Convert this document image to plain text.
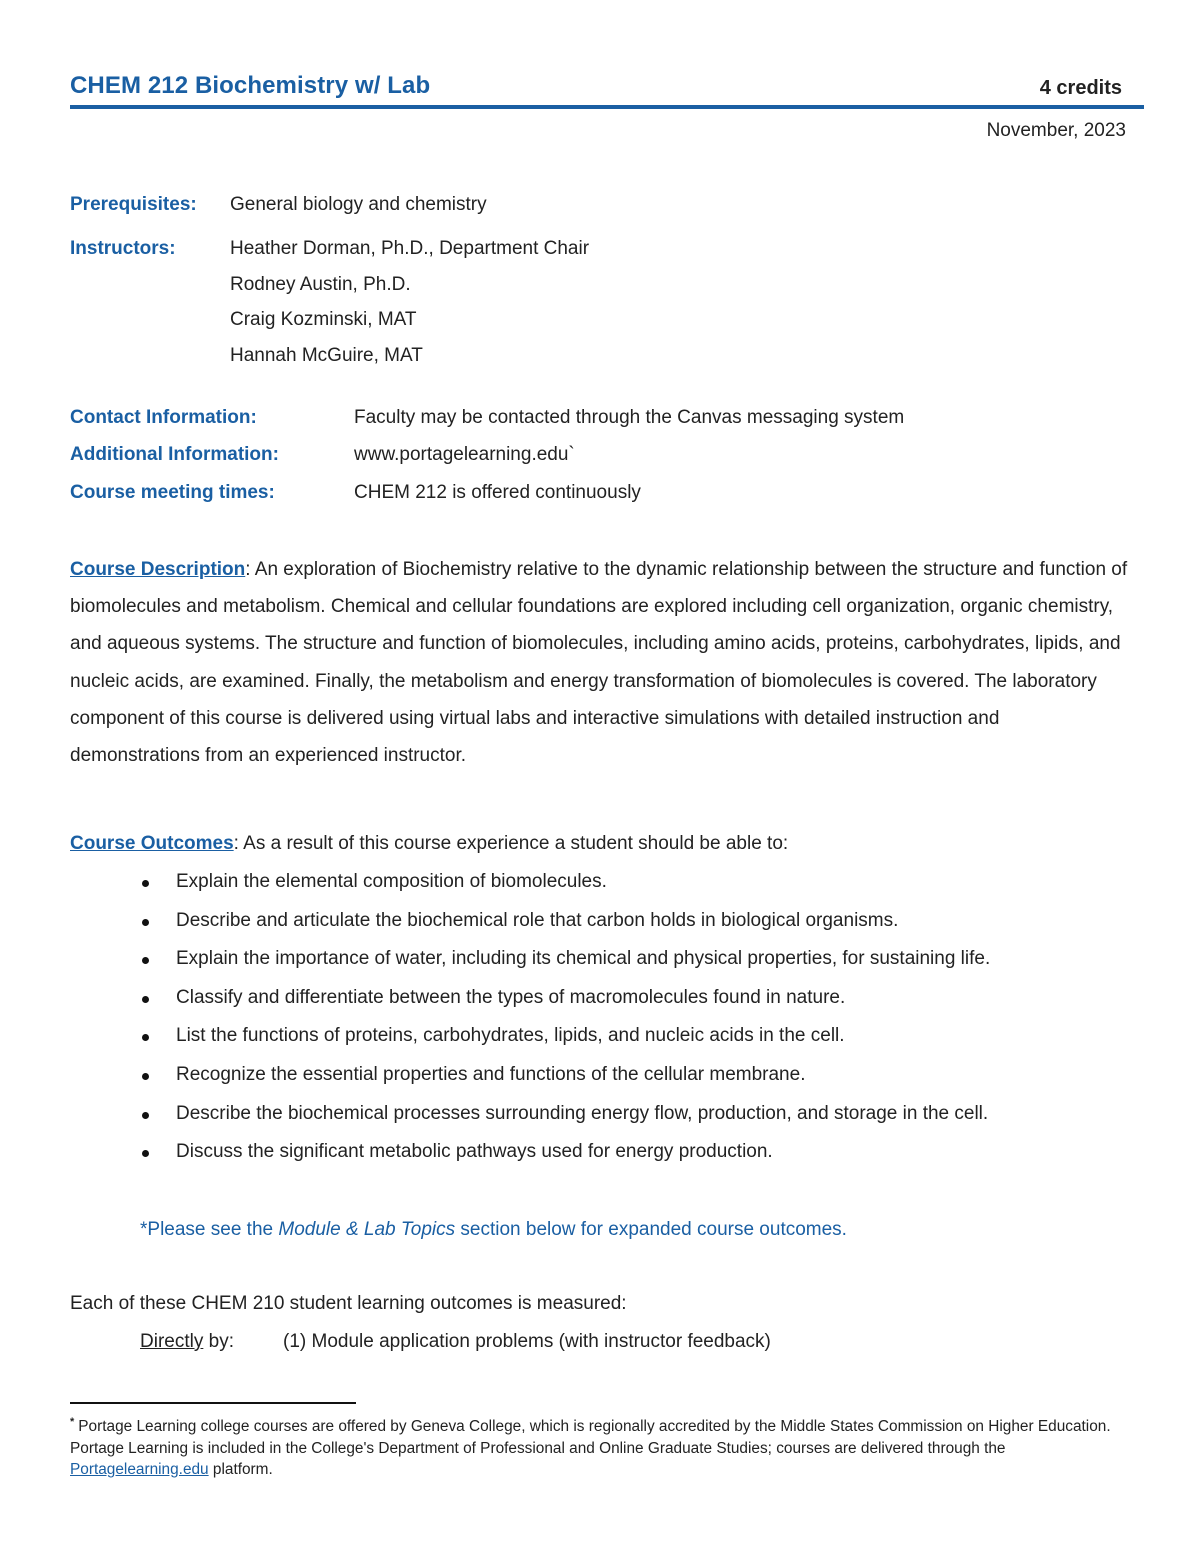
CHEM 212 Biochemistry w/ Lab	4 credits
November, 2023
Prerequisites:	General biology and chemistry
Instructors:	Heather Dorman, Ph.D., Department Chair
Rodney Austin, Ph.D.
Craig Kozminski, MAT
Hannah McGuire, MAT
Contact Information:	Faculty may be contacted through the Canvas messaging system
Additional Information:	www.portagelearning.edu`
Course meeting times:	CHEM 212 is offered continuously
Course Description: An exploration of Biochemistry relative to the dynamic relationship between the structure and function of biomolecules and metabolism. Chemical and cellular foundations are explored including cell organization, organic chemistry, and aqueous systems. The structure and function of biomolecules, including amino acids, proteins, carbohydrates, lipids, and nucleic acids, are examined. Finally, the metabolism and energy transformation of biomolecules is covered. The laboratory component of this course is delivered using virtual labs and interactive simulations with detailed instruction and demonstrations from an experienced instructor.
Course Outcomes: As a result of this course experience a student should be able to:
Explain the elemental composition of biomolecules.
Describe and articulate the biochemical role that carbon holds in biological organisms.
Explain the importance of water, including its chemical and physical properties, for sustaining life.
Classify and differentiate between the types of macromolecules found in nature.
List the functions of proteins, carbohydrates, lipids, and nucleic acids in the cell.
Recognize the essential properties and functions of the cellular membrane.
Describe the biochemical processes surrounding energy flow, production, and storage in the cell.
Discuss the significant metabolic pathways used for energy production.
*Please see the Module & Lab Topics section below for expanded course outcomes.
Each of these CHEM 210 student learning outcomes is measured:
Directly by:	(1) Module application problems (with instructor feedback)
* Portage Learning college courses are offered by Geneva College, which is regionally accredited by the Middle States Commission on Higher Education. Portage Learning is included in the College's Department of Professional and Online Graduate Studies; courses are delivered through the Portagelearning.edu platform.
